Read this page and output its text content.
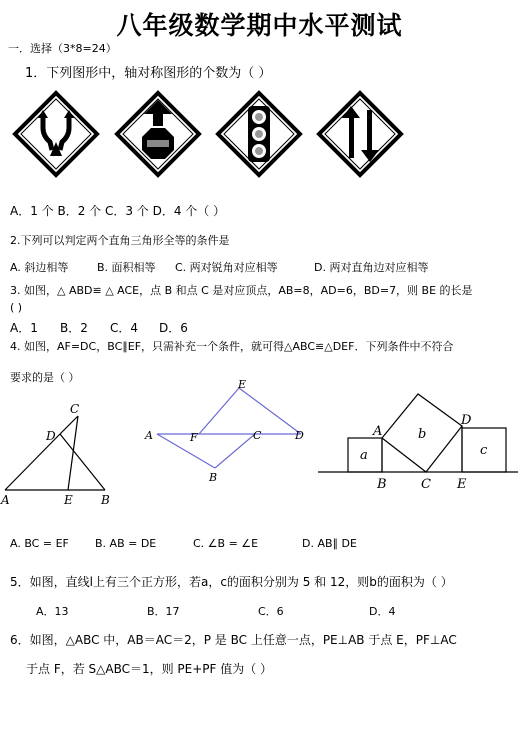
八年级数学期中水平测试
一．选择（3*8=24）
1．下列图形中，轴对称图形的个数为（ ）
A．1 个 B．2 个 C．3 个 D．4 个（ ）
2.下列可以判定两个直角三角形全等的条件是
A. 斜边相等	B. 面积相等 C. 两对锐角对应相等	D. 两对直角边对应相等
3. 如图，△ ABD≌ △ ACE，点 B 和点 C 是对应顶点，AB=8，AD=6，BD=7，则 BE 的长是
( )
A．1 B．2 C．4 D．6
4. 如图，AF=DC，BC∥EF，只需补充一个条件，就可得△ABC≌△DEF．下列条件中不符合
要求的是（ ）
A	B
C
D
E
A
B
C	D
E
F	A
B	C
D
E
a
b
c
A. BC = EF B. AB = DE	C. ∠B = ∠E	D. AB∥ DE
5．如图，直线l上有三个正方形，若a，c的面积分别为 5 和 12，则b的面积为（ ）
A．13	B．17	C．6	D．4
6．如图，△ABC 中，AB＝AC＝2，P 是 BC 上任意一点，PE⊥AB 于点 E，PF⊥AC
于点 F，若 S△ABC＝1，则 PE+PF 值为（ ）
